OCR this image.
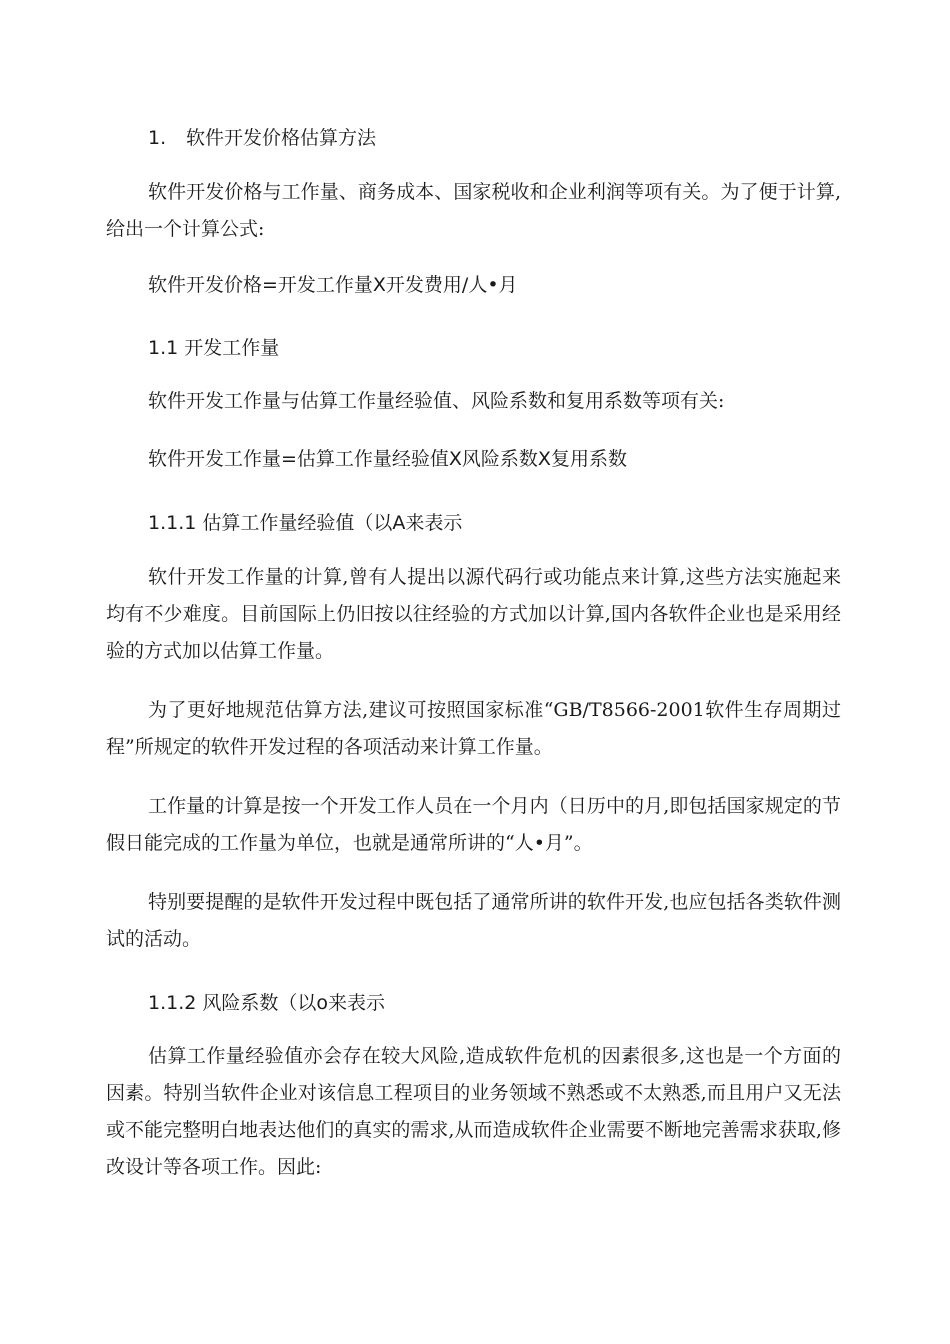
1. 软件开发价格估算方法

软件开发价格与工作量、商务成本、国家税收和企业利润等项有关。为了便于计算,给出一个计算公式:

软件开发价格=开发工作量X开发费用/人•月

1.1 开发工作量

软件开发工作量与估算工作量经验值、风险系数和复用系数等项有关:

软件开发工作量=估算工作量经验值X风险系数X复用系数

1.1.1 估算工作量经验值（以A来表示

软什开发工作量的计算,曾有人提出以源代码行或功能点来计算,这些方法实施起来均有不少难度。目前国际上仍旧按以往经验的方式加以计算,国内各软件企业也是采用经验的方式加以估算工作量。

为了更好地规范估算方法,建议可按照国家标准“GB/T8566-2001软件生存周期过程”所规定的软件开发过程的各项活动来计算工作量。

工作量的计算是按一个开发工作人员在一个月内（日历中的月,即包括国家规定的节假日能完成的工作量为单位，也就是通常所讲的“人•月”。

特别要提醒的是软件开发过程中既包括了通常所讲的软件开发,也应包括各类软件测试的活动。

1.1.2 风险系数（以o来表示

估算工作量经验值亦会存在较大风险,造成软件危机的因素很多,这也是一个方面的因素。特别当软件企业对该信息工程项目的业务领域不熟悉或不太熟悉,而且用户又无法或不能完整明白地表达他们的真实的需求,从而造成软件企业需要不断地完善需求获取,修改设计等各项工作。因此:
